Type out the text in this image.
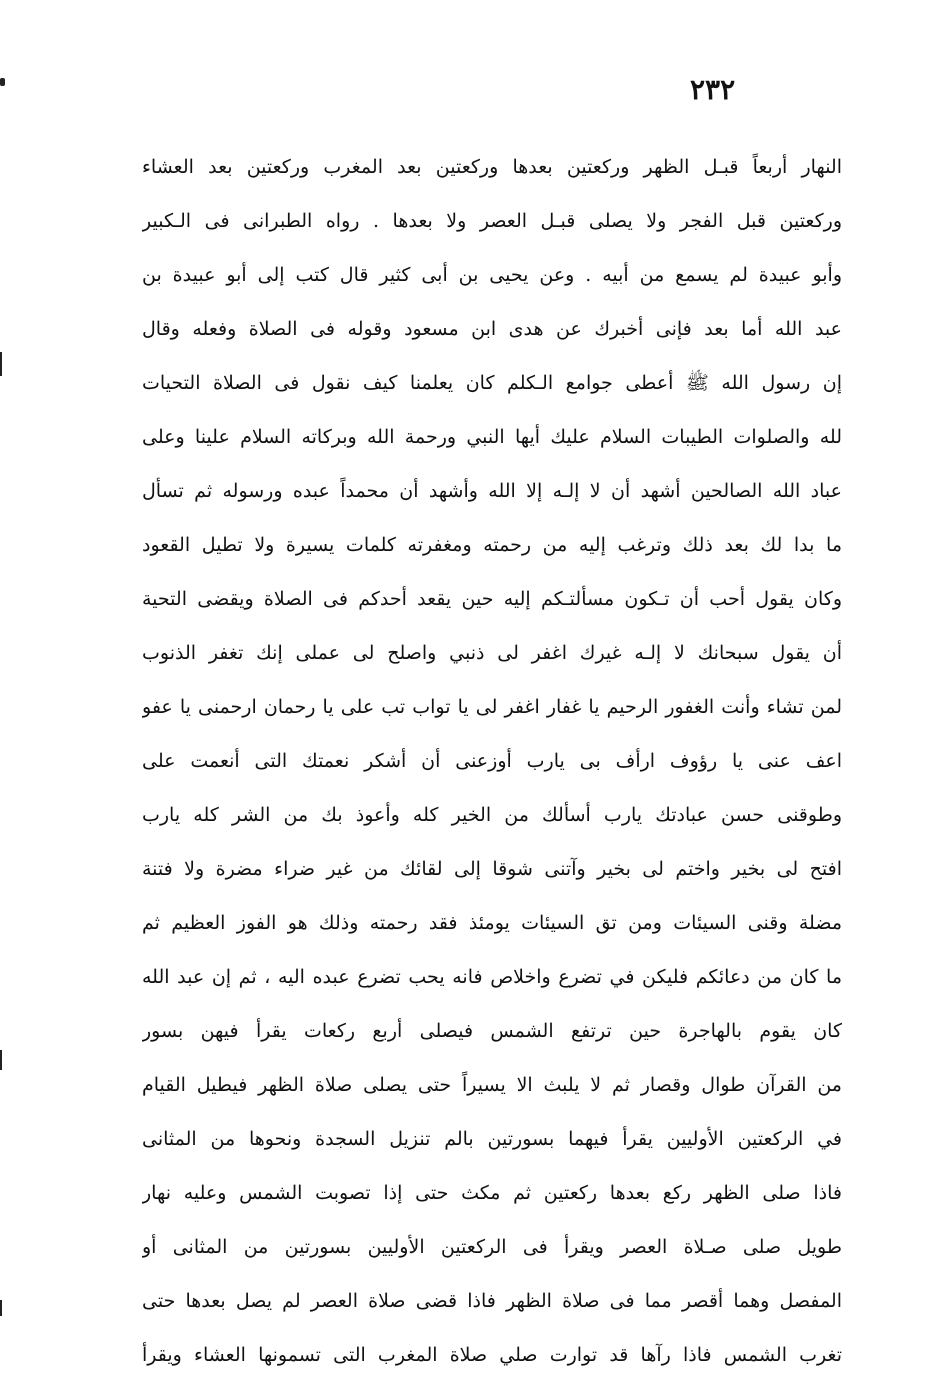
٢٣٢
النهار أربعاً قبـل الظهر وركعتين بعدها وركعتين بعد المغرب وركعتين بعد العشاء
وركعتين قبل الفجر ولا يصلى قبـل العصر ولا بعدها . رواه الطبرانى فى الـكبير
وأبو عبيدة لم يسمع من أبيه . وعن يحيى بن أبى كثير قال كتب إلى أبو عبيدة بن
عبد الله أما بعد فإنى أخبرك عن هدى ابن مسعود وقوله فى الصلاة وفعله وقال
إن رسول الله ﷺ أعطى جوامع الـكلم كان يعلمنا كيف نقول فى الصلاة التحيات
لله والصلوات الطيبات السلام عليك أيها النبي ورحمة الله وبركاته السلام علينا وعلى
عباد الله الصالحين أشهد أن لا إلـه إلا الله وأشهد أن محمداً عبده ورسوله ثم تسأل
ما بدا لك بعد ذلك وترغب إليه من رحمته ومغفرته كلمات يسيرة ولا تطيل القعود
وكان يقول أحب أن تـكون مسألتـكم إليه حين يقعد أحدكم فى الصلاة ويقضى التحية
أن يقول سبحانك لا إلـه غيرك اغفر لى ذنبي واصلح لى عملى إنك تغفر الذنوب
لمن تشاء وأنت الغفور الرحيم يا غفار اغفر لى يا تواب تب على يا رحمان ارحمنى يا عفو
اعف عنى يا رؤوف ارأف بى يارب أوزعنى أن أشكر نعمتك التى أنعمت على
وطوقنى حسن عبادتك يارب أسألك من الخير كله وأعوذ بك من الشر كله يارب
افتح لى بخير واختم لى بخير وآتنى شوقا إلى لقائك من غير ضراء مضرة ولا فتنة
مضلة وقنى السيئات ومن تق السيئات يومئذ فقد رحمته وذلك هو الفوز العظيم ثم
ما كان من دعائكم فليكن في تضرع واخلاص فانه يحب تضرع عبده اليه ، ثم إن عبد الله
كان يقوم بالهاجرة حين ترتفع الشمس فيصلى أربع ركعات يقرأ فيهن بسور
من القرآن طوال وقصار ثم لا يلبث الا يسيراً حتى يصلى صلاة الظهر فيطيل القيام
في الركعتين الأوليين يقرأ فيهما بسورتين بالم تنزيل السجدة ونحوها من المثانى
فاذا صلى الظهر ركع بعدها ركعتين ثم مكث حتى إذا تصوبت الشمس وعليه نهار
طويل صلى صـلاة العصر ويقرأ فى الركعتين الأوليين بسورتين من المثانى أو
المفصل وهما أقصر مما فى صلاة الظهر فاذا قضى صلاة العصر لم يصل بعدها حتى
تغرب الشمس فاذا رآها قد توارت صلي صلاة المغرب التى تسمونها العشاء ويقرأ
